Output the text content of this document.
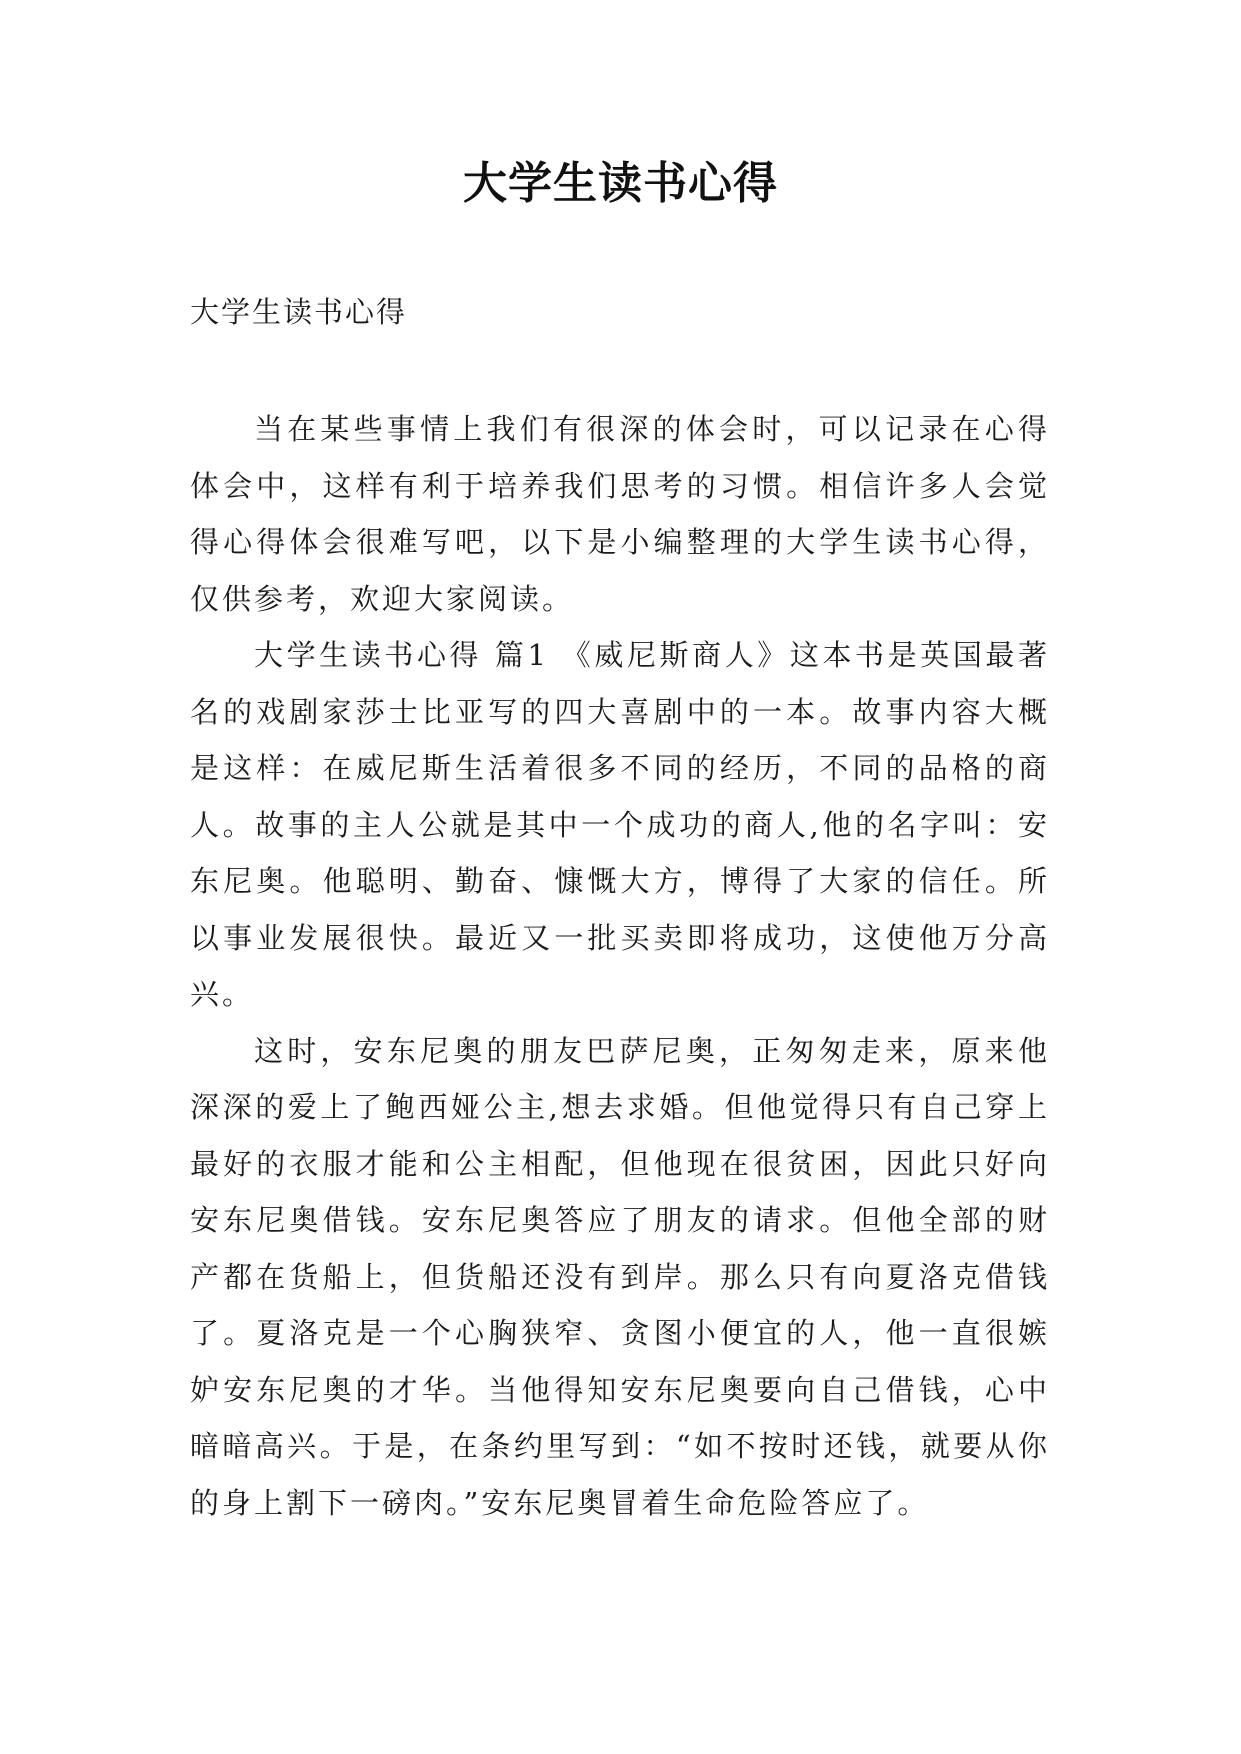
大学生读书心得
大学生读书心得

当在某些事情上我们有很深的体会时，可以记录在心得体会中，这样有利于培养我们思考的习惯。相信许多人会觉得心得体会很难写吧，以下是小编整理的大学生读书心得，仅供参考，欢迎大家阅读。

大学生读书心得 篇1 《威尼斯商人》这本书是英国最著名的戏剧家莎士比亚写的四大喜剧中的一本。故事内容大概是这样：在威尼斯生活着很多不同的经历，不同的品格的商人。故事的主人公就是其中一个成功的商人,他的名字叫：安东尼奥。他聪明、勤奋、慷慨大方，博得了大家的信任。所以事业发展很快。最近又一批买卖即将成功，这使他万分高兴。

这时，安东尼奥的朋友巴萨尼奥，正匆匆走来，原来他深深的爱上了鲍西娅公主,想去求婚。但他觉得只有自己穿上最好的衣服才能和公主相配，但他现在很贫困，因此只好向安东尼奥借钱。安东尼奥答应了朋友的请求。但他全部的财产都在货船上，但货船还没有到岸。那么只有向夏洛克借钱了。夏洛克是一个心胸狭窄、贪图小便宜的人，他一直很嫉妒安东尼奥的才华。当他得知安东尼奥要向自己借钱，心中暗暗高兴。于是，在条约里写到：“如不按时还钱，就要从你的身上割下一磅肉。”安东尼奥冒着生命危险答应了。
